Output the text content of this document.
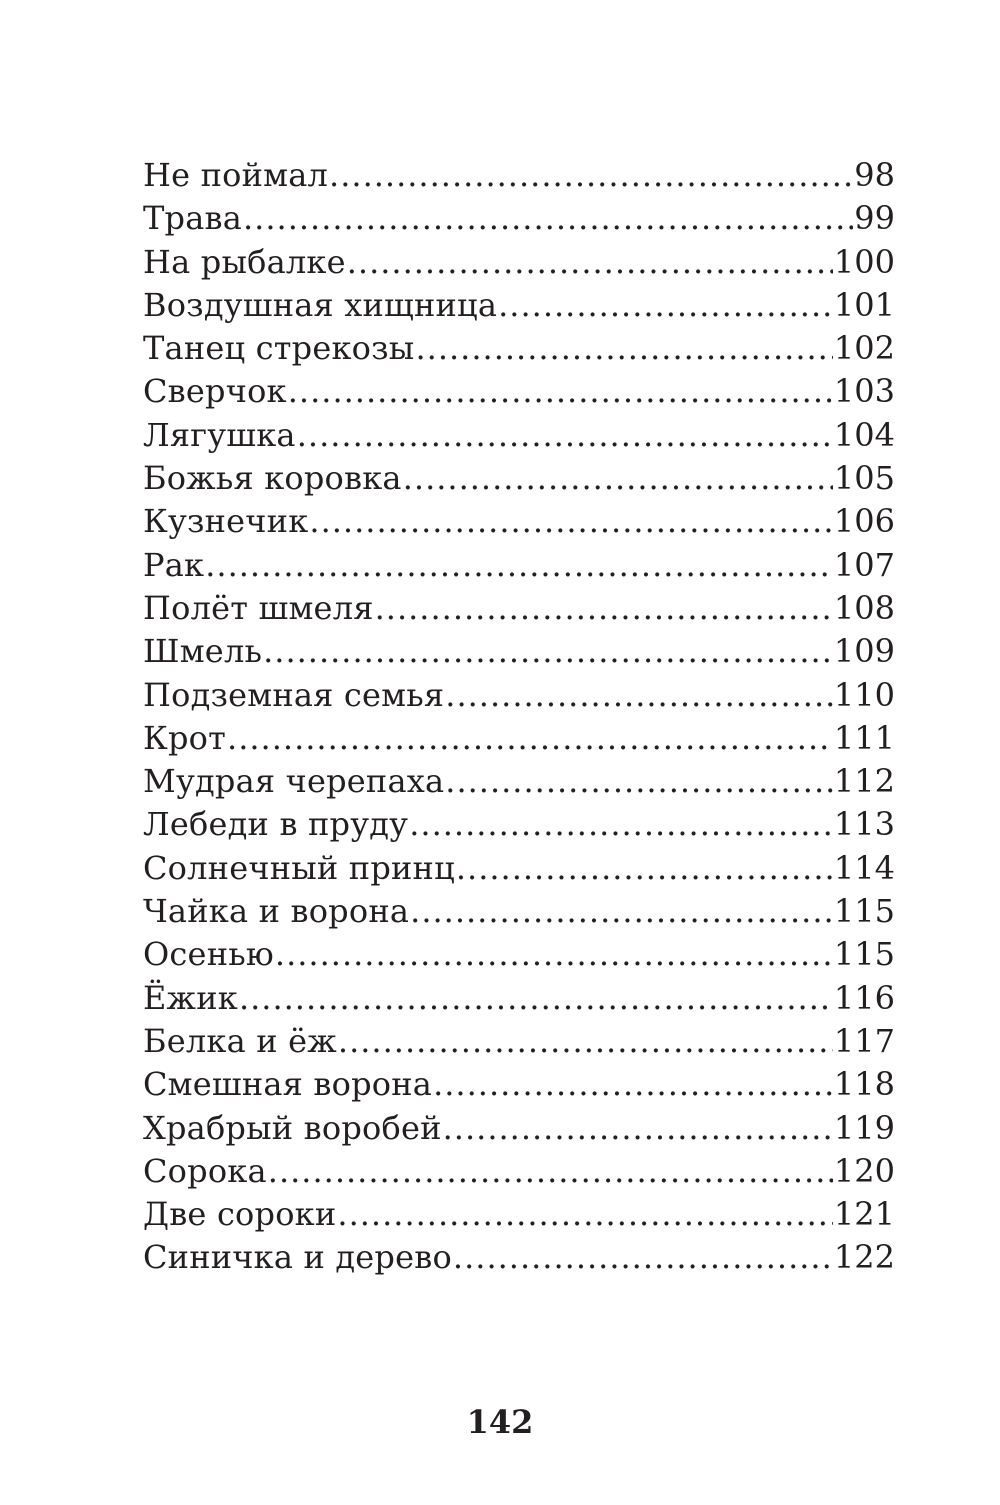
Не поймал .....	98
Трава .....	99
На рыбалке .....	100
Воздушная хищница .....	101
Танец стрекозы .....	102
Сверчок .....	103
Лягушка .....	104
Божья коровка .....	105
Кузнечик .....	106
Рак .....	107
Полёт шмеля .....	108
Шмель .....	109
Подземная семья .....	110
Крот .....	111
Мудрая черепаха .....	112
Лебеди в пруду .....	113
Солнечный принц .....	114
Чайка и ворона .....	115
Осенью .....	115
Ёжик .....	116
Белка и ёж .....	117
Смешная ворона .....	118
Храбрый воробей .....	119
Сорока .....	120
Две сороки .....	121
Синичка и дерево .....	122
142
